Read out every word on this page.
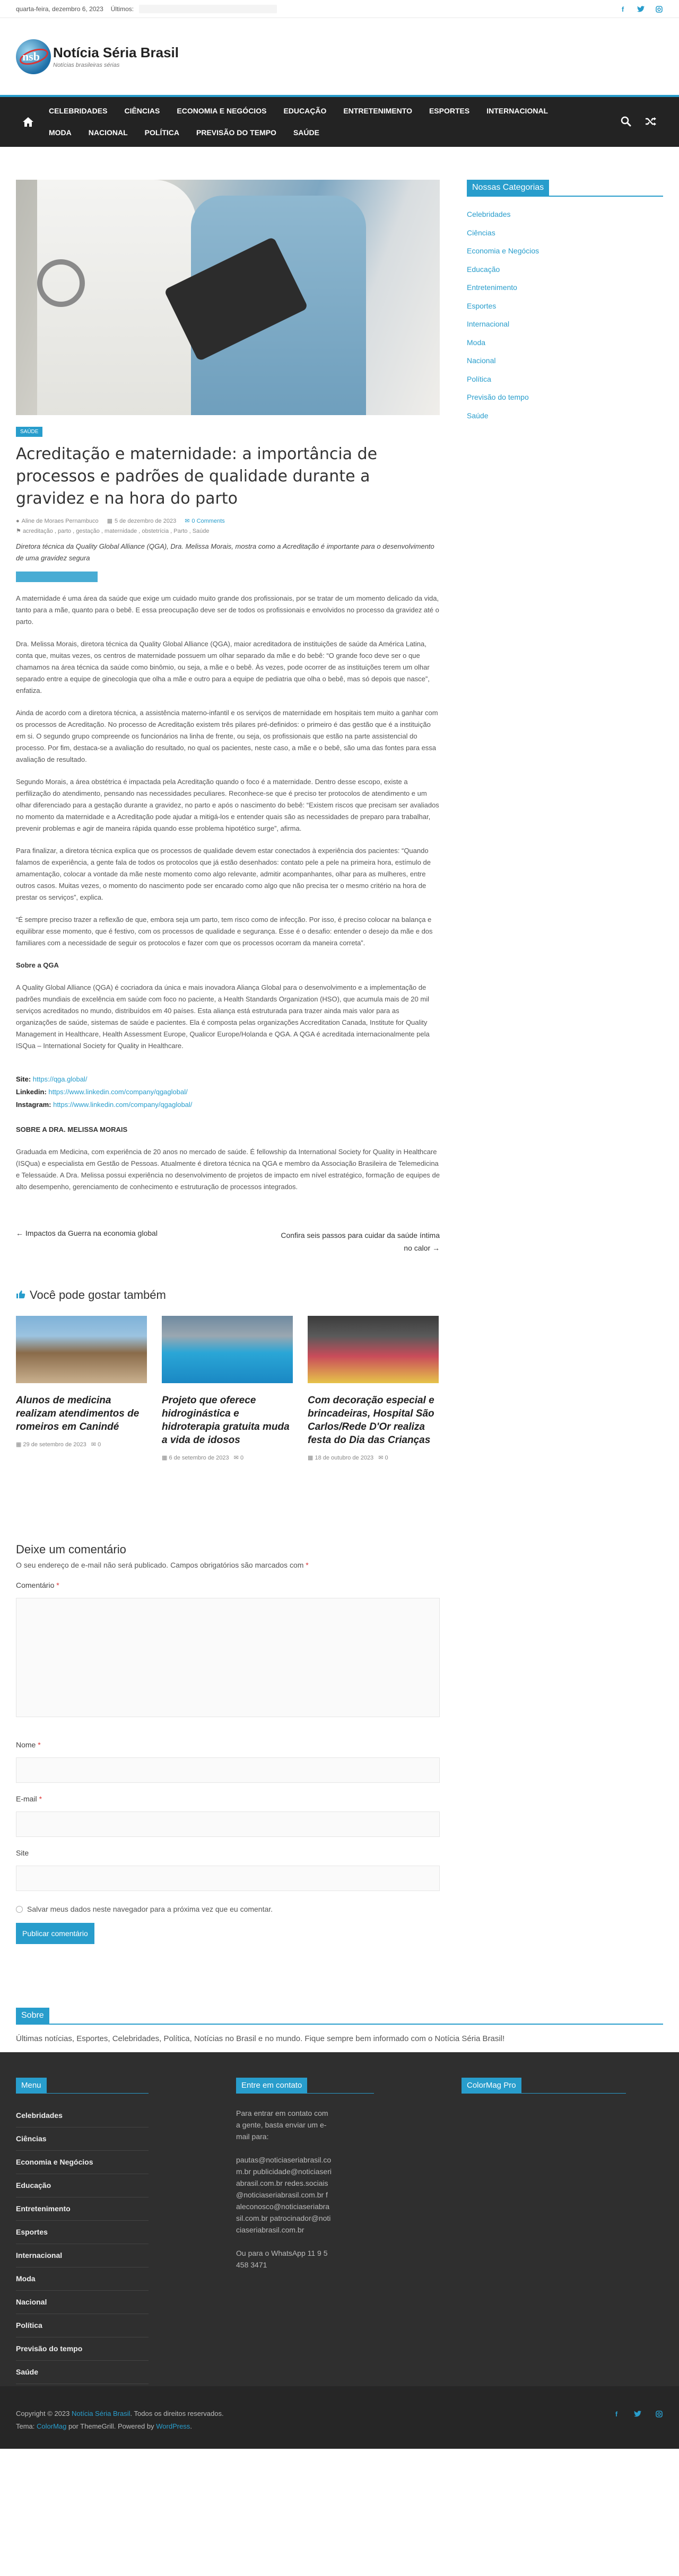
quarta-feira, dezembro 6, 2023 Últimos:	f
nsb Notícia Séria Brasil
Notícias brasileiras sérias
CELEBRIDADES	CIÊNCIAS	ECONOMIA E NEGÓCIOS	EDUCAÇÃO	ENTRETENIMENTO	ESPORTES	INTERNACIONAL
MODA	NACIONAL	POLÍTICA	PREVISÃO DO TEMPO	SAÚDE
SAÚDE
Acreditação e maternidade: a importância de processos e padrões de qualidade durante a gravidez e na hora do parto
● Aline de Moraes Pernambuco ▦ 5 de dezembro de 2023 ✉ 0 Comments
⚑ acreditação , parto , gestação , maternidade , obstetrícia , Parto , Saúde

Diretora técnica da Quality Global Alliance (QGA), Dra. Melissa Morais, mostra como a Acreditação é importante para o desenvolvimento de uma gravidez segura

A maternidade é uma área da saúde que exige um cuidado muito grande dos profissionais, por se tratar de um momento delicado da vida, tanto para a mãe, quanto para o bebê. E essa preocupação deve ser de todos os profissionais e envolvidos no processo da gravidez até o parto.

Dra. Melissa Morais, diretora técnica da Quality Global Alliance (QGA), maior acreditadora de instituições de saúde da América Latina, conta que, muitas vezes, os centros de maternidade possuem um olhar separado da mãe e do bebê: “O grande foco deve ser o que chamamos na área técnica da saúde como binômio, ou seja, a mãe e o bebê. Às vezes, pode ocorrer de as instituições terem um olhar separado entre a equipe de ginecologia que olha a mãe e outro para a equipe de pediatria que olha o bebê, mas só depois que nasce”, enfatiza.

Ainda de acordo com a diretora técnica, a assistência materno-infantil e os serviços de maternidade em hospitais tem muito a ganhar com os processos de Acreditação. No processo de Acreditação existem três pilares pré-definidos: o primeiro é das gestão que é a instituição em si. O segundo grupo compreende os funcionários na linha de frente, ou seja, os profissionais que estão na parte assistencial do processo. Por fim, destaca-se a avaliação do resultado, no qual os pacientes, neste caso, a mãe e o bebê, são uma das fontes para essa avaliação de resultado.

Segundo Morais, a área obstétrica é impactada pela Acreditação quando o foco é a maternidade. Dentro desse escopo, existe a perfilização do atendimento, pensando nas necessidades peculiares. Reconhece-se que é preciso ter protocolos de atendimento e um olhar diferenciado para a gestação durante a gravidez, no parto e após o nascimento do bebê: “Existem riscos que precisam ser avaliados no momento da maternidade e a Acreditação pode ajudar a mitigá-los e entender quais são as necessidades de preparo para trabalhar, prevenir problemas e agir de maneira rápida quando esse problema hipotético surge”, afirma.

Para finalizar, a diretora técnica explica que os processos de qualidade devem estar conectados à experiência dos pacientes: “Quando falamos de experiência, a gente fala de todos os protocolos que já estão desenhados: contato pele a pele na primeira hora, estímulo de amamentação, colocar a vontade da mãe neste momento como algo relevante, admitir acompanhantes, olhar para as mulheres, entre outros casos. Muitas vezes, o momento do nascimento pode ser encarado como algo que não precisa ter o mesmo critério na hora de prestar os serviços”, explica.

“É sempre preciso trazer a reflexão de que, embora seja um parto, tem risco como de infecção. Por isso, é preciso colocar na balança e equilibrar esse momento, que é festivo, com os processos de qualidade e segurança. Esse é o desafio: entender o desejo da mãe e dos familiares com a necessidade de seguir os protocolos e fazer com que os processos ocorram da maneira correta”.

Sobre a QGA

A Quality Global Alliance (QGA) é cocriadora da única e mais inovadora Aliança Global para o desenvolvimento e a implementação de padrões mundiais de excelência em saúde com foco no paciente, a Health Standards Organization (HSO), que acumula mais de 20 mil serviços acreditados no mundo, distribuídos em 40 países. Esta aliança está estruturada para trazer ainda mais valor para as organizações de saúde, sistemas de saúde e pacientes. Ela é composta pelas organizações Accreditation Canada, Institute for Quality Management in Healthcare, Health Assessment Europe, Qualicor Europe/Holanda e QGA. A QGA é acreditada internacionalmente pela ISQua – International Society for Quality in Healthcare.

Site: https://qga.global/
Linkedin: https://www.linkedin.com/company/qgaglobal/
Instagram: https://www.linkedin.com/company/qgaglobal/

SOBRE A DRA. MELISSA MORAIS

Graduada em Medicina, com experiência de 20 anos no mercado de saúde. É fellowship da International Society for Quality in Healthcare (ISQua) e especialista em Gestão de Pessoas. Atualmente é diretora técnica na QGA e membro da Associação Brasileira de Telemedicina e Telessaúde. A Dra. Melissa possui experiência no desenvolvimento de projetos de impacto em nível estratégico, formação de equipes de alto desempenho, gerenciamento de conhecimento e estruturação de processos integrados.

← Impactos da Guerra na economia global	Confira seis passos para cuidar da saúde íntima no calor →
Você pode gostar também
Alunos de medicina realizam atendimentos de romeiros em Canindé
▦ 29 de setembro de 2023 ✉ 0
Projeto que oferece hidroginástica e hidroterapia gratuita muda a vida de idosos
▦ 6 de setembro de 2023 ✉ 0
Com decoração especial e brincadeiras, Hospital São Carlos/Rede D'Or realiza festa do Dia das Crianças
▦ 18 de outubro de 2023 ✉ 0
Deixe um comentário
O seu endereço de e-mail não será publicado. Campos obrigatórios são marcados com *
Comentário *
Nome *
E-mail *
Site
Salvar meus dados neste navegador para a próxima vez que eu comentar.
Publicar comentário
Nossas Categorias
Celebridades
Ciências
Economia e Negócios
Educação
Entretenimento
Esportes
Internacional
Moda
Nacional
Política
Previsão do tempo
Saúde
Sobre

Últimas notícias, Esportes, Celebridades, Política, Notícias no Brasil e no mundo. Fique sempre bem informado com o Notícia Séria Brasil!

Menu
Celebridades
Ciências
Economia e Negócios
Educação
Entretenimento
Esportes
Internacional
Moda
Nacional
Política
Previsão do tempo
Saúde
Entre em contato

Para entrar em contato com a gente, basta enviar um e-mail para:

pautas@noticiaseriabrasil.com.br publicidade@noticiaseriabrasil.com.br redes.sociais@noticiaseriabrasil.com.br faleconosco@noticiaseriabrasil.com.br patrocinador@noticiaseriabrasil.com.br

Ou para o WhatsApp 11 9 5458 3471

ColorMag Pro
Copyright © 2023 Notícia Séria Brasil. Todos os direitos reservados.
Tema: ColorMag por ThemeGrill. Powered by WordPress.
f
